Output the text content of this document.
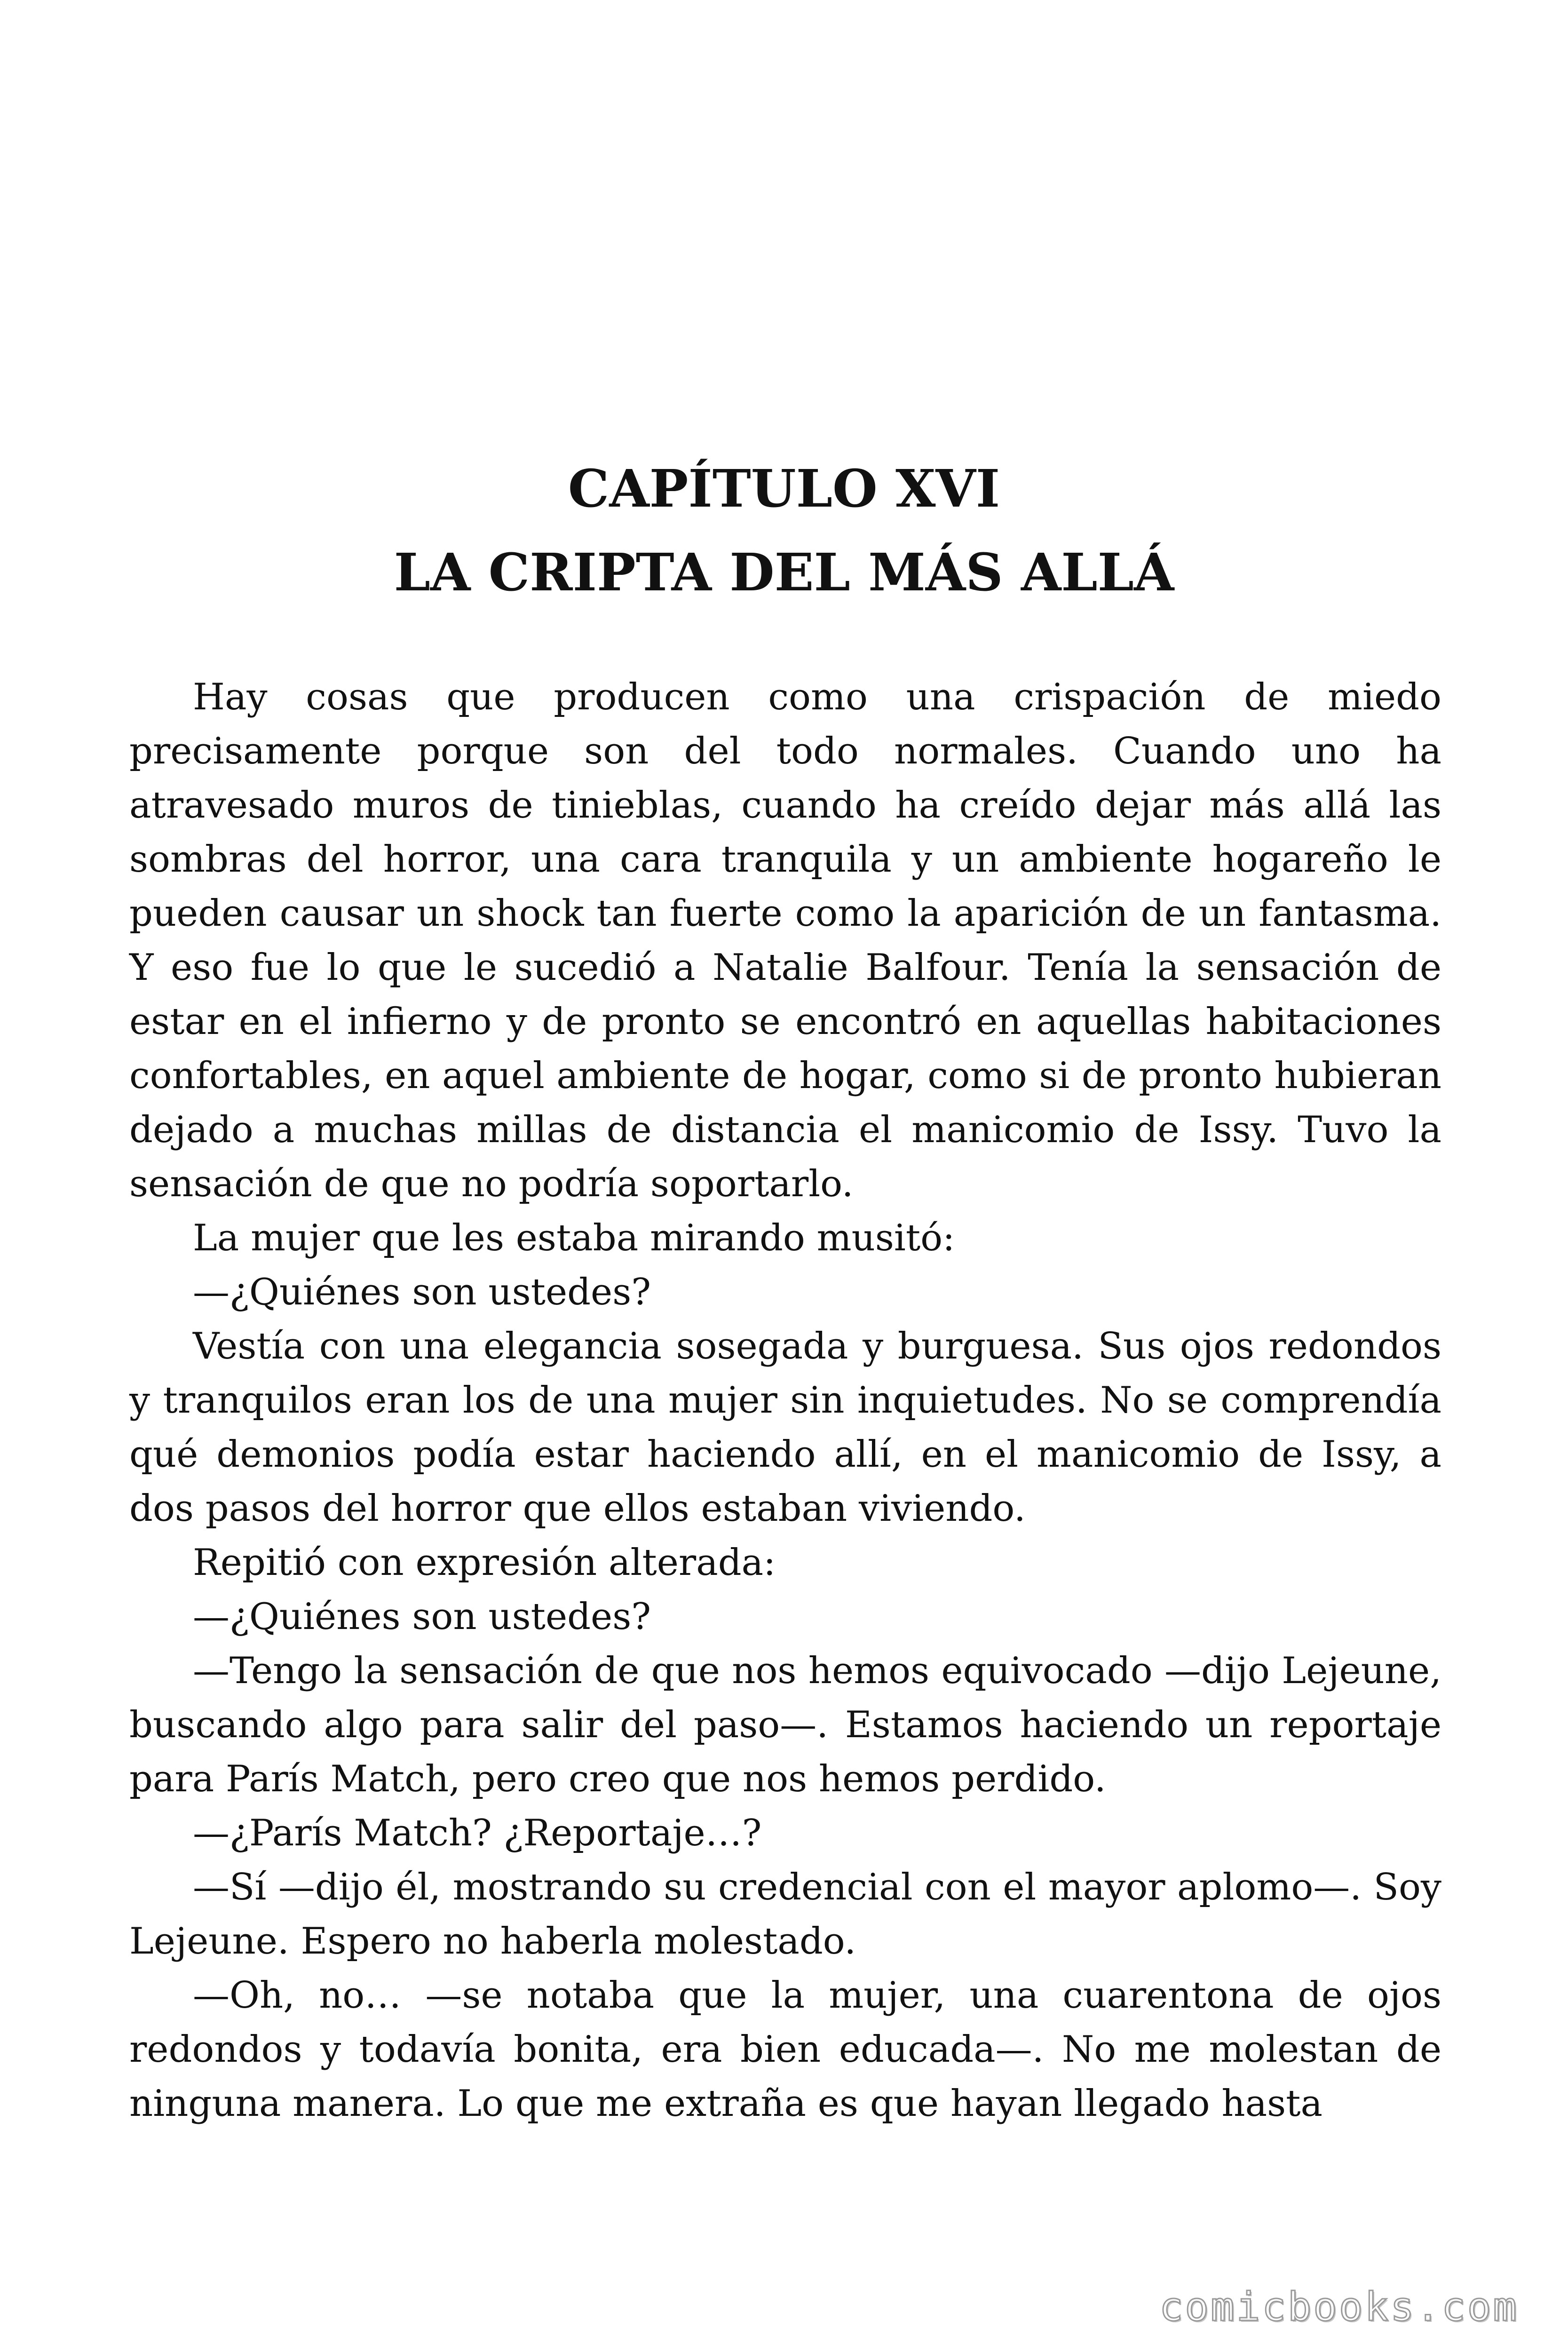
CAPÍTULO XVI
LA CRIPTA DEL MÁS ALLÁ

Hay cosas que producen como una crispación de miedo precisamente porque son del todo normales. Cuando uno ha atravesado muros de tinieblas, cuando ha creído dejar más allá las sombras del horror, una cara tranquila y un ambiente hogareño le pueden causar un shock tan fuerte como la aparición de un fantasma. Y eso fue lo que le sucedió a Natalie Balfour. Tenía la sensación de estar en el infierno y de pronto se encontró en aquellas habitaciones confortables, en aquel ambiente de hogar, como si de pronto hubieran dejado a muchas millas de distancia el manicomio de Issy. Tuvo la sensación de que no podría soportarlo.

La mujer que les estaba mirando musitó:

—¿Quiénes son ustedes?

Vestía con una elegancia sosegada y burguesa. Sus ojos redondos y tranquilos eran los de una mujer sin inquietudes. No se comprendía qué demonios podía estar haciendo allí, en el manicomio de Issy, a dos pasos del horror que ellos estaban viviendo.

Repitió con expresión alterada:

—¿Quiénes son ustedes?

—Tengo la sensación de que nos hemos equivocado —dijo Lejeune, buscando algo para salir del paso—. Estamos haciendo un reportaje para París Match, pero creo que nos hemos perdido.

—¿París Match? ¿Reportaje…?

—Sí —dijo él, mostrando su credencial con el mayor aplomo—. Soy Lejeune. Espero no haberla molestado.

—Oh, no… —se notaba que la mujer, una cuarentona de ojos redondos y todavía bonita, era bien educada—. No me molestan de ninguna manera. Lo que me extraña es que hayan llegado hasta

comicbooks.com
